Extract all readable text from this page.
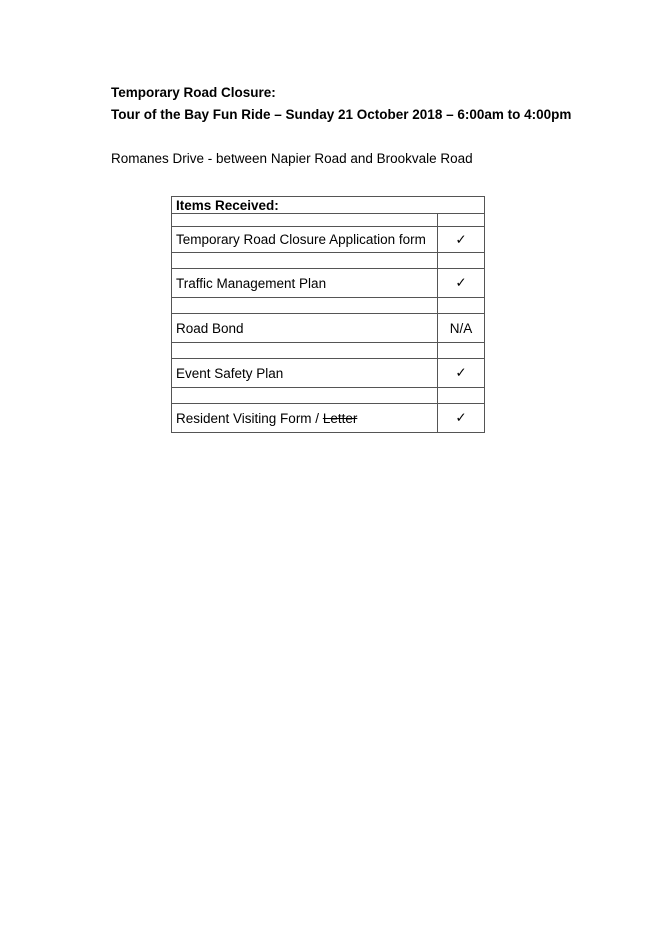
Temporary Road Closure:
Tour of the Bay Fun Ride – Sunday 21 October 2018 – 6:00am to 4:00pm
Romanes Drive - between Napier Road and Brookvale Road
Items Received:	

Temporary Road Closure Application form	✓

Traffic Management Plan	✓

Road Bond	N/A

Event Safety Plan	✓

Resident Visiting Form / Letter	✓
